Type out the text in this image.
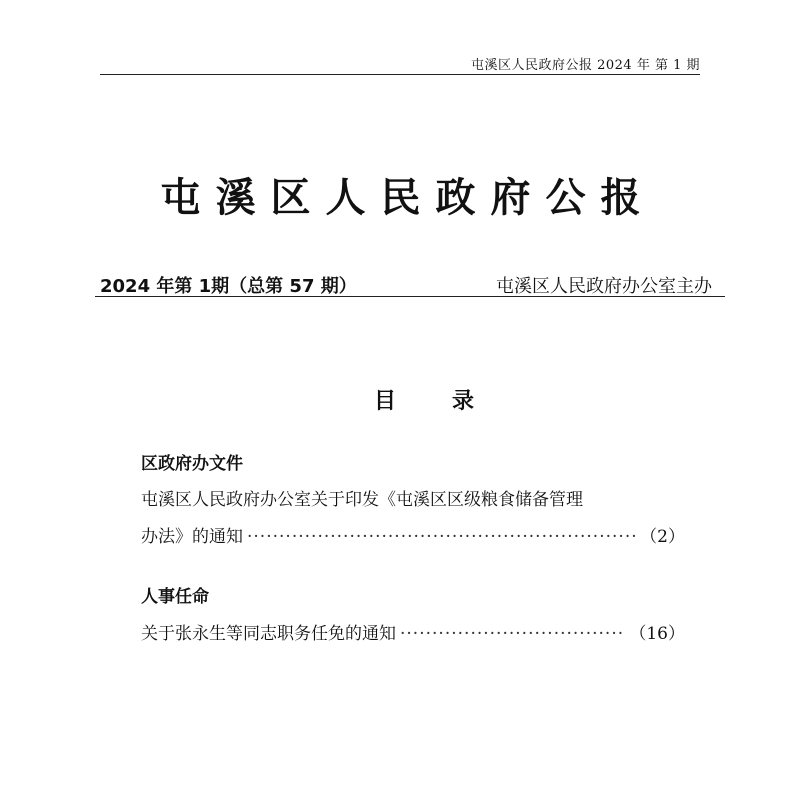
屯溪区人民政府公报 2024 年 第 1 期
屯溪区人民政府公报
2024 年第 1期（总第 57 期）	屯溪区人民政府办公室主办
目录
区政府办文件
屯溪区人民政府办公室关于印发《屯溪区区级粮食储备管理
办法》的通知 ·····	（2）
人事任命
关于张永生等同志职务任免的通知 ·····	（16）
